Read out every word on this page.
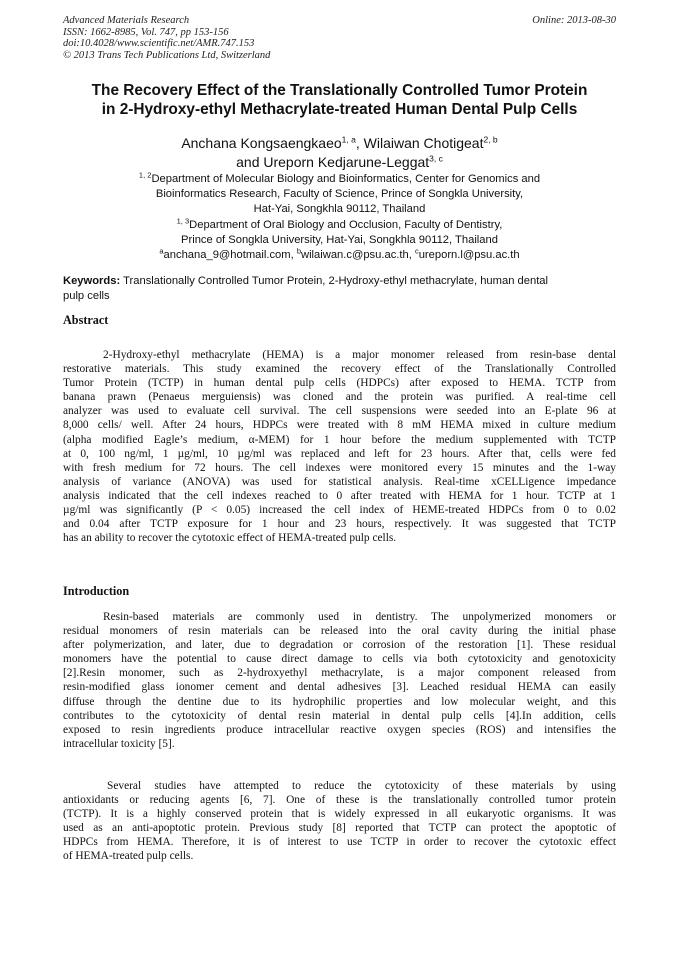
Advanced Materials Research
ISSN: 1662-8985, Vol. 747, pp 153-156
doi:10.4028/www.scientific.net/AMR.747.153
© 2013 Trans Tech Publications Ltd, Switzerland
Online: 2013-08-30
The Recovery Effect of the Translationally Controlled Tumor Protein
in 2-Hydroxy-ethyl Methacrylate-treated Human Dental Pulp Cells
Anchana Kongsaengkaeo$^{1, a}$, Wilaiwan Chotigeat$^{2, b}$
and Ureporn Kedjarune-Leggat$^{3, c}$
$^{1, 2}$Department of Molecular Biology and Bioinformatics, Center for Genomics and
Bioinformatics Research, Faculty of Science, Prince of Songkla University,
Hat-Yai, Songkhla 90112, Thailand
$^{1, 3}$Department of Oral Biology and Occlusion, Faculty of Dentistry,
Prince of Songkla University, Hat-Yai, Songkhla 90112, Thailand
$^a$anchana_9@hotmail.com, $^b$wilaiwan.c@psu.ac.th, $^c$ureporn.l@psu.ac.th
Keywords: Translationally Controlled Tumor Protein, 2-Hydroxy-ethyl methacrylate, human dental
pulp cells
Abstract
2-Hydroxy-ethyl methacrylate (HEMA) is a major monomer released from resin-base dental
restorative materials. This study examined the recovery effect of the Translationally Controlled
Tumor Protein (TCTP) in human dental pulp cells (HDPCs) after exposed to HEMA. TCTP from
banana prawn (Penaeus merguiensis) was cloned and the protein was purified. A real-time cell
analyzer was used to evaluate cell survival. The cell suspensions were seeded into an E-plate 96 at
8,000 cells/ well. After 24 hours, HDPCs were treated with 8 mM HEMA mixed in culture medium
(alpha modified Eagle’s medium, α-MEM) for 1 hour before the medium supplemented with TCTP
at 0, 100 ng/ml, 1 µg/ml, 10 µg/ml was replaced and left for 23 hours. After that, cells were fed
with fresh medium for 72 hours. The cell indexes were monitored every 15 minutes and the 1-way
analysis of variance (ANOVA) was used for statistical analysis. Real-time xCELLigence impedance
analysis indicated that the cell indexes reached to 0 after treated with HEMA for 1 hour. TCTP at 1
µg/ml was significantly (P < 0.05) increased the cell index of HEME-treated HDPCs from 0 to 0.02
and 0.04 after TCTP exposure for 1 hour and 23 hours, respectively. It was suggested that TCTP
has an ability to recover the cytotoxic effect of HEMA-treated pulp cells.
Introduction
Resin-based materials are commonly used in dentistry. The unpolymerized monomers or
residual monomers of resin materials can be released into the oral cavity during the initial phase
after polymerization, and later, due to degradation or corrosion of the restoration [1]. These residual
monomers have the potential to cause direct damage to cells via both cytotoxicity and genotoxicity
[2].Resin monomer, such as 2-hydroxyethyl methacrylate, is a major component released from
resin-modified glass ionomer cement and dental adhesives [3]. Leached residual HEMA can easily
diffuse through the dentine due to its hydrophilic properties and low molecular weight, and this
contributes to the cytotoxicity of dental resin material in dental pulp cells [4].In addition, cells
exposed to resin ingredients produce intracellular reactive oxygen species (ROS) and intensifies the
intracellular toxicity [5].
Several studies have attempted to reduce the cytotoxicity of these materials by using
antioxidants or reducing agents [6, 7]. One of these is the translationally controlled tumor protein
(TCTP). It is a highly conserved protein that is widely expressed in all eukaryotic organisms. It was
used as an anti-apoptotic protein. Previous study [8] reported that TCTP can protect the apoptotic of
HDPCs from HEMA. Therefore, it is of interest to use TCTP in order to recover the cytotoxic effect
of HEMA-treated pulp cells.
